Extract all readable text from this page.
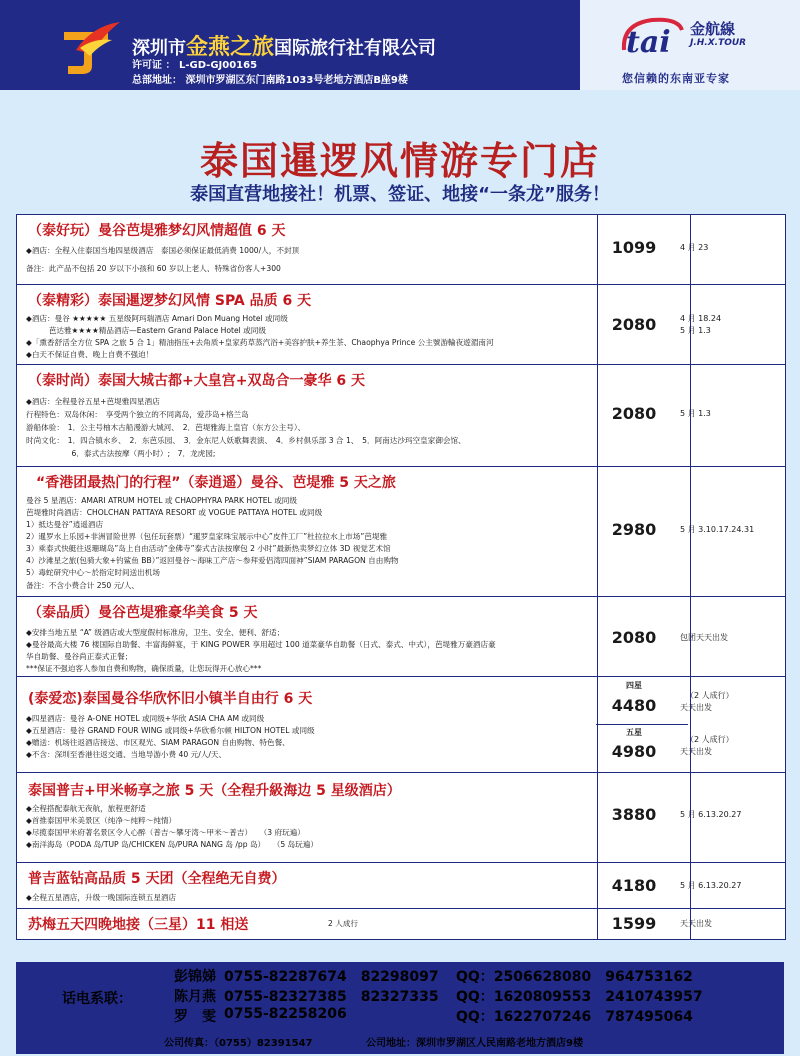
深圳市金燕之旅国际旅行社有限公司
许可证 ： L-GD-GJ00165
总部地址： 深圳市罗湖区东门南路1033号老地方酒店B座9楼
tai 金航線
J.H.X.TOUR
您信赖的东南亚专家
泰国暹逻风情游专门店
泰国直营地接社！机票、签证、地接“一条龙”服务！
（泰好玩）曼谷芭堤雅梦幻风情超值 6 天
◆酒店：全程入住泰国当地四星级酒店　泰国必须保证最低消费 1000/人，不封顶
备注：此产品不包括 20 岁以下小孩和 60 岁以上老人、特殊省份客人+300
1099	4 月 23
（泰精彩）泰国暹逻梦幻风情 SPA 品质 6 天
◆酒店：曼谷 ★★★★★ 五星级阿玛瑞酒店 Amari Don Muang Hotel 或同级
　　　芭达雅★★★★精品酒店—Eastern Grand Palace Hotel 或同级
◆「熏香舒活全方位 SPA 之旅 5 合 1」精油指压+去角质+皇家药草蒸汽浴+美容护肤+养生茶、Chaophya Prince 公主號游輪夜遊湄南河
◆白天不保证自费、晚上自费不强迫！
2080	4 月 18.24
5 月 1.3
（泰时尚）泰国大城古都+大皇宫+双岛合一豪华 6 天
◆酒店：全程曼谷五星+芭堤雅四星酒店
行程特色：双岛休闲：　享受两个独立的不同离岛，爱莎岛+格兰岛
游船体验：　1．公主号柚木古船漫游大城河、　2．芭堤雅海上皇宫（东方公主号）、
时尚文化：　1．四合镇水乡、　2．东芭乐园、　3．金东尼人妖歌舞表演、　4．乡村俱乐部 3 合 1、　5．阿南达沙玛空皇家御会馆、
　　　　　　6．泰式古法按摩（两小时）;　7．龙虎园;
2080	5 月 1.3
“香港团最热门的行程”（泰逍遥）曼谷、芭堤雅 5 天之旅
曼谷 5 星酒店：AMARI ATRUM HOTEL 或 CHAOPHYRA PARK HOTEL 或同级
芭堤雅时尚酒店：CHOLCHAN PATTAYA RESORT 或 VOGUE PATTAYA HOTEL 或同级
1）抵达曼谷”逍遥酒店
2）暹罗水上乐园+非洲冒险世界（包任玩套票）“暹罗皇家珠宝展示中心”皮件工厂”杜拉拉水上市场”芭堤雅
3）乘泰式快艇往返珊瑚岛”岛上自由活动”金佛寺”泰式古法按摩包 2 小时”最新热卖梦幻立体 3D 视觉艺术馆
4）沙滩星之旅(包骑大象+钓鲨鱼 BB）”返回曼谷～海味工产店～参拜爱侣湾四面神”SIAM PARAGON 自由购物
5）毒蛇研究中心～於指定时间送出机场
备注：不含小费合计 250 元/人、
2980	5 月 3.10.17.24.31
（泰品质）曼谷芭堤雅豪华美食 5 天
◆安排当地五星 “A” 级酒店或大型度假村标准房，卫生、安全、便利、舒适；
◆曼谷最高大楼 76 楼国际自助餐、丰富海鲜宴，于 KING POWER 享用超过 100 道菜豪华自助餐（日式、泰式、中式），芭堤雅万豪酒店豪
华自助餐、曼谷尚正泰式正餐；
***保证不强迫客人参加自费和购物，确保质量，让您玩得开心放心***
2080	包团天天出发
(泰爱恋)泰国曼谷华欣怀旧小镇半自由行 6 天
◆四星酒店：曼谷 A-ONE HOTEL 或同级+华欣 ASIA CHA AM 或同级
◆五星酒店：曼谷 GRAND FOUR WING 或同级+华欣希尔顿 HILTON HOTEL 或同级
◆赠送：机场往返酒店接送、市区观光、SIAM PARAGON 自由购物、特色餐、
◆不含：深圳至香港往返交通、当地导游小费 40 元/人/天、
四星
4480
（2 人成行）
天天出发
五星
4980
（2 人成行）
天天出发
泰国普吉+甲米畅享之旅 5 天（全程升級海边 5 星级酒店）
◆全程搭配泰航无夜航，旅程更舒适
◆首推泰国甲米美景区（纯净～纯粹～纯情）
◆尽揽泰国甲米府著名景区令人心醉（普吉～攀牙湾～甲米～普吉）　　（3 府玩遍）
◆南洋海岛（PODA 岛/TUP 岛/CHICKEN 岛/PURA NANG 岛 /pp 岛）　　（5 岛玩遍）
3880	5 月 6.13.20.27
普吉蓝钻高品质 5 天团（全程绝无自费）
◆全程五星酒店，升级一晚国际连锁五星酒店
4180	5 月 6.13.20.27
苏梅五天四晚地接（三星）11 相送	2 人成行	1599	天天出发
话电系联：
彭锦娣 0755-82287674　82298097 QQ：2506628080　964753162
陈月燕 0755-82327385　82327335 QQ：1620809553　2410743957
罗　雯 0755-82258206	QQ：1622707246　787495064
公司传真：（0755）82391547	公司地址：深圳市罗湖区人民南路老地方酒店9楼
